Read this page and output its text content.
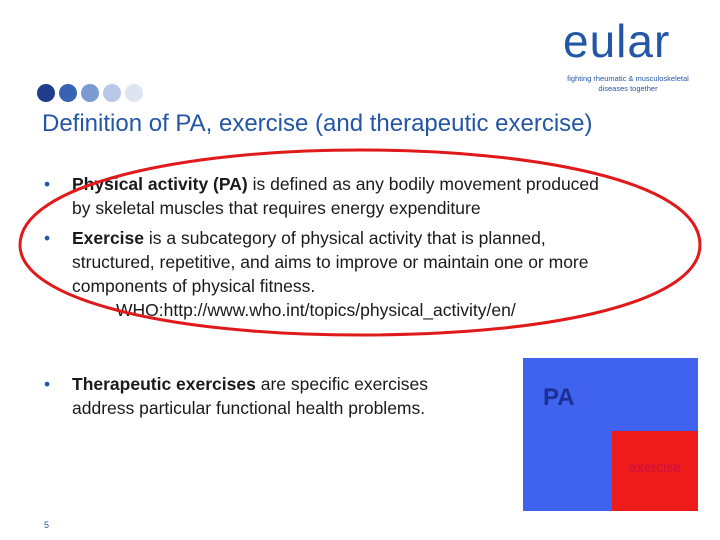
eular
fighting rheumatic & musculoskeletal
diseases together
Definition of PA, exercise (and therapeutic exercise)
• Physical activity (PA) is defined as any bodily movement produced
by skeletal muscles that requires energy expenditure
• Exercise is a subcategory of physical activity that is planned,
structured, repetitive, and aims to improve or maintain one or more
components of physical fitness.
WHO:http://www.who.int/topics/physical_activity/en/
• Therapeutic exercises are specific exercises
address particular functional health problems.	PA
exercise
5
